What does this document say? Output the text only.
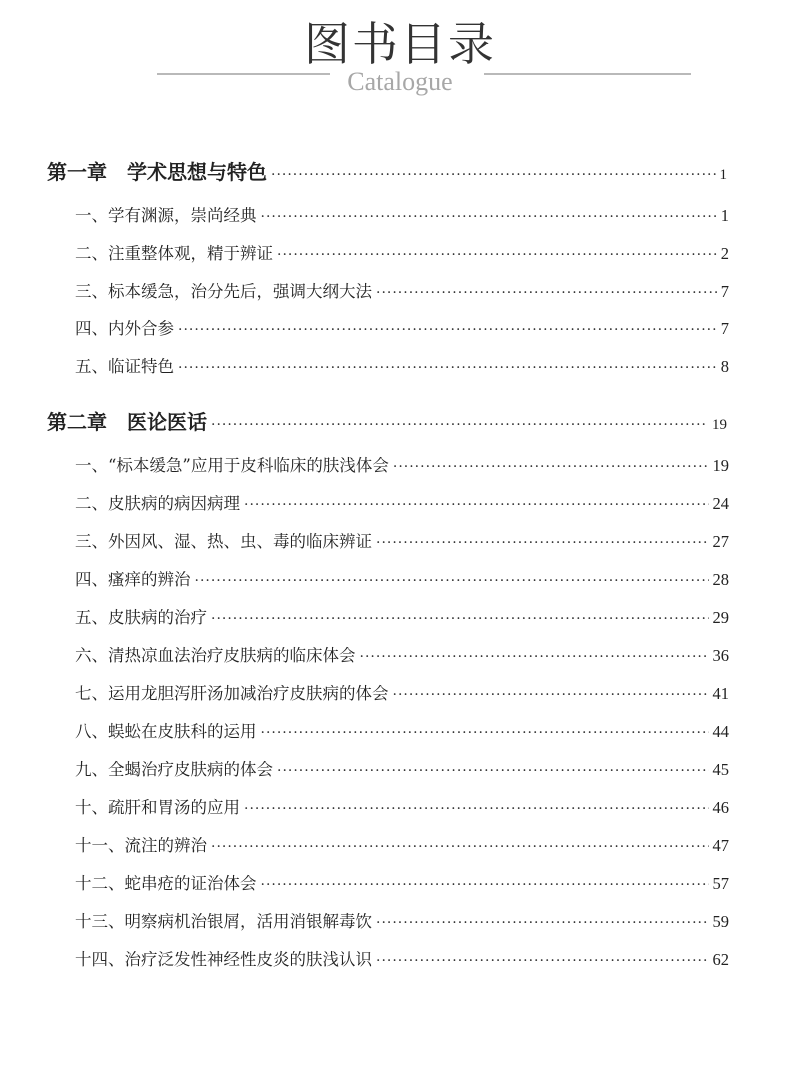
图书目录
Catalogue
第一章　学术思想与特色 ·····	1
一、学有渊源，崇尚经典 ·····	1
二、注重整体观，精于辨证 ·····	2
三、标本缓急，治分先后，强调大纲大法 ·····	7
四、内外合参 ·····	7
五、临证特色 ·····	8
第二章　医论医话 ·····	19
一、“标本缓急”应用于皮科临床的肤浅体会 ·····	19
二、皮肤病的病因病理 ·····	24
三、外因风、湿、热、虫、毒的临床辨证 ·····	27
四、瘙痒的辨治 ·····	28
五、皮肤病的治疗 ·····	29
六、清热凉血法治疗皮肤病的临床体会 ·····	36
七、运用龙胆泻肝汤加减治疗皮肤病的体会 ·····	41
八、蜈蚣在皮肤科的运用 ·····	44
九、全蝎治疗皮肤病的体会 ·····	45
十、疏肝和胃汤的应用 ·····	46
十一、流注的辨治 ·····	47
十二、蛇串疮的证治体会 ·····	57
十三、明察病机治银屑，活用消银解毒饮 ·····	59
十四、治疗泛发性神经性皮炎的肤浅认识 ·····	62
